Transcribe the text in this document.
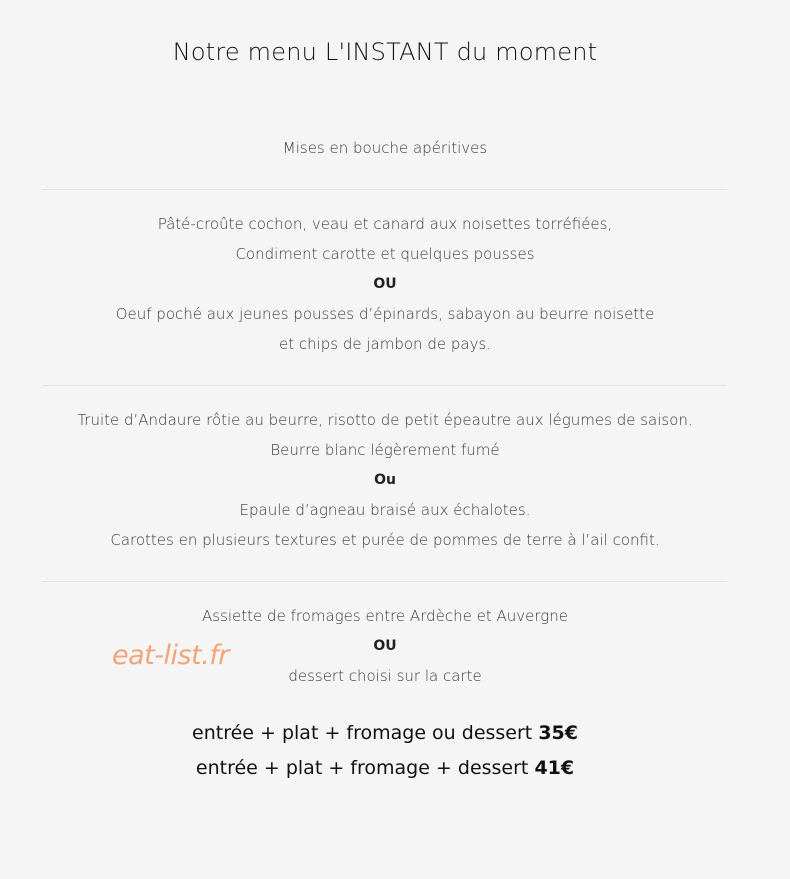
Notre menu L'INSTANT du moment
Mises en bouche apéritives
Pâté-croûte cochon, veau et canard aux noisettes torréfiées,
Condiment carotte et quelques pousses
OU
Oeuf poché aux jeunes pousses d’épinards, sabayon au beurre noisette
et chips de jambon de pays.
Truite d’Andaure rôtie au beurre, risotto de petit épeautre aux légumes de saison.
Beurre blanc légèrement fumé
Ou
Epaule d’agneau braisé aux échalotes.
Carottes en plusieurs textures et purée de pommes de terre à l’ail confit.
Assiette de fromages entre Ardèche et Auvergne
OU
dessert choisi sur la carte
eat-list.fr
entrée + plat + fromage ou dessert 35€
entrée + plat + fromage + dessert 41€
